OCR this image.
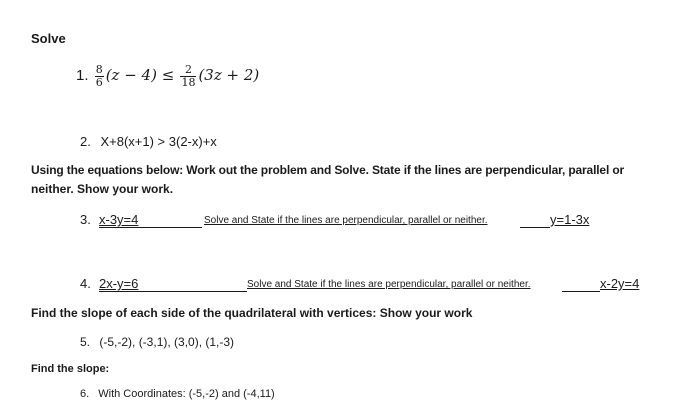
Solve
1. $\frac{8}{6} (z - 4) \le \frac{2}{18} (3z + 2)$
2. X+8(x+1) > 3(2-x)+x
Using the equations below: Work out the problem and Solve. State if the lines are perpendicular, parallel or
neither. Show your work.
3. x-3y=4	Solve and State if the lines are perpendicular, parallel or neither.	y=1-3x
4. 2x-y=6	Solve and State if the lines are perpendicular, parallel or neither.	x-2y=4
Find the slope of each side of the quadrilateral with vertices: Show your work
5. (-5,-2), (-3,1), (3,0), (1,-3)
Find the slope:
6. With Coordinates: (-5,-2) and (-4,11)
